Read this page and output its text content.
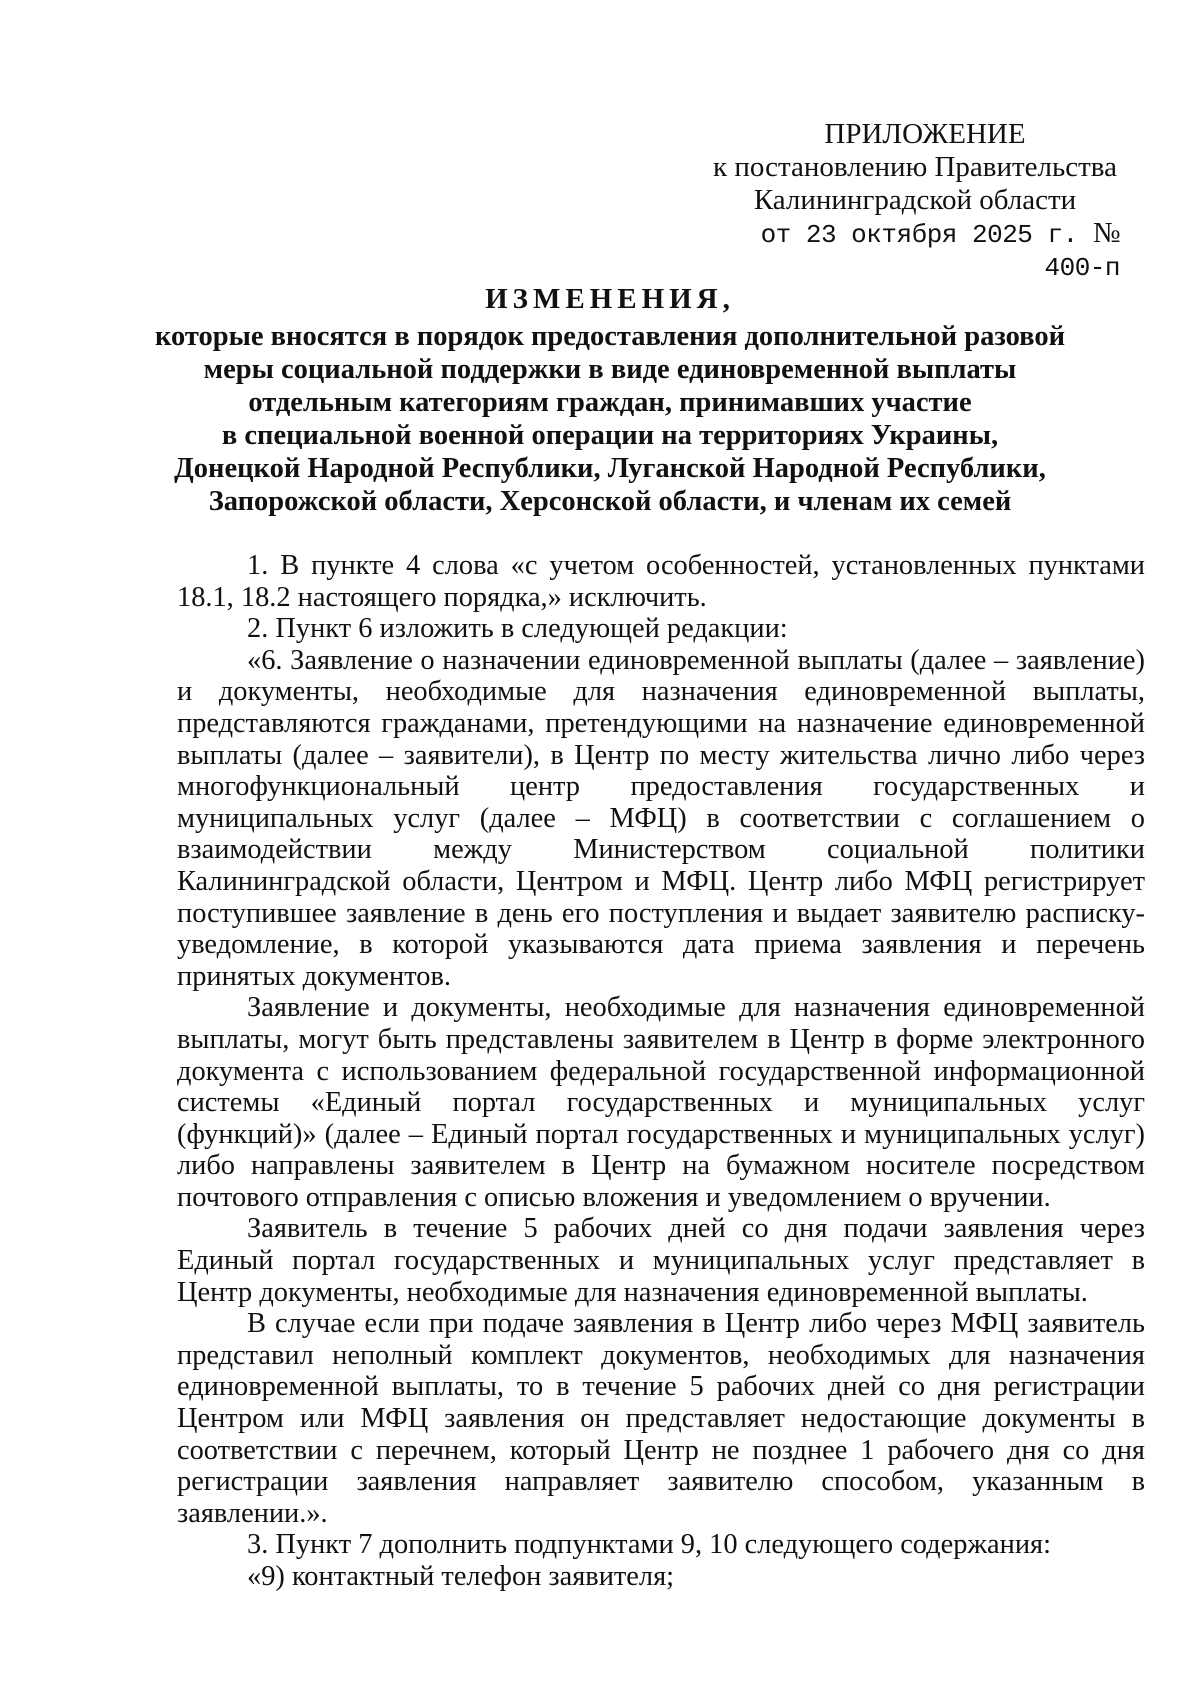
ПРИЛОЖЕНИЕ
к постановлению Правительства
Калининградской области
от 23 октября 2025 г. № 400-п
ИЗМЕНЕНИЯ,
которые вносятся в порядок предоставления дополнительной разовой
меры социальной поддержки в виде единовременной выплаты
отдельным категориям граждан, принимавших участие
в специальной военной операции на территориях Украины,
Донецкой Народной Республики, Луганской Народной Республики,
Запорожской области, Херсонской области, и членам их семей

1. В пункте 4 слова «с учетом особенностей, установленных пунктами 18.1, 18.2 настоящего порядка,» исключить.

2. Пункт 6 изложить в следующей редакции:

«6. Заявление о назначении единовременной выплаты (далее – заявление) и документы, необходимые для назначения единовременной выплаты, представляются гражданами, претендующими на назначение единовременной выплаты (далее – заявители), в Центр по месту жительства лично либо через многофункциональный центр предоставления государственных и муниципальных услуг (далее – МФЦ) в соответствии с соглашением о взаимодействии между Министерством социальной политики Калининградской области, Центром и МФЦ. Центр либо МФЦ регистрирует поступившее заявление в день его поступления и выдает заявителю расписку-уведомление, в которой указываются дата приема заявления и перечень принятых документов.

Заявление и документы, необходимые для назначения единовременной выплаты, могут быть представлены заявителем в Центр в форме электронного документа с использованием федеральной государственной информационной системы «Единый портал государственных и муниципальных услуг (функций)» (далее – Единый портал государственных и муниципальных услуг) либо направлены заявителем в Центр на бумажном носителе посредством почтового отправления с описью вложения и уведомлением о вручении.

Заявитель в течение 5 рабочих дней со дня подачи заявления через Единый портал государственных и муниципальных услуг представляет в Центр документы, необходимые для назначения единовременной выплаты.

В случае если при подаче заявления в Центр либо через МФЦ заявитель представил неполный комплект документов, необходимых для назначения единовременной выплаты, то в течение 5 рабочих дней со дня регистрации Центром или МФЦ заявления он представляет недостающие документы в соответствии с перечнем, который Центр не позднее 1 рабочего дня со дня регистрации заявления направляет заявителю способом, указанным в заявлении.».

3. Пункт 7 дополнить подпунктами 9, 10 следующего содержания:

«9) контактный телефон заявителя;
